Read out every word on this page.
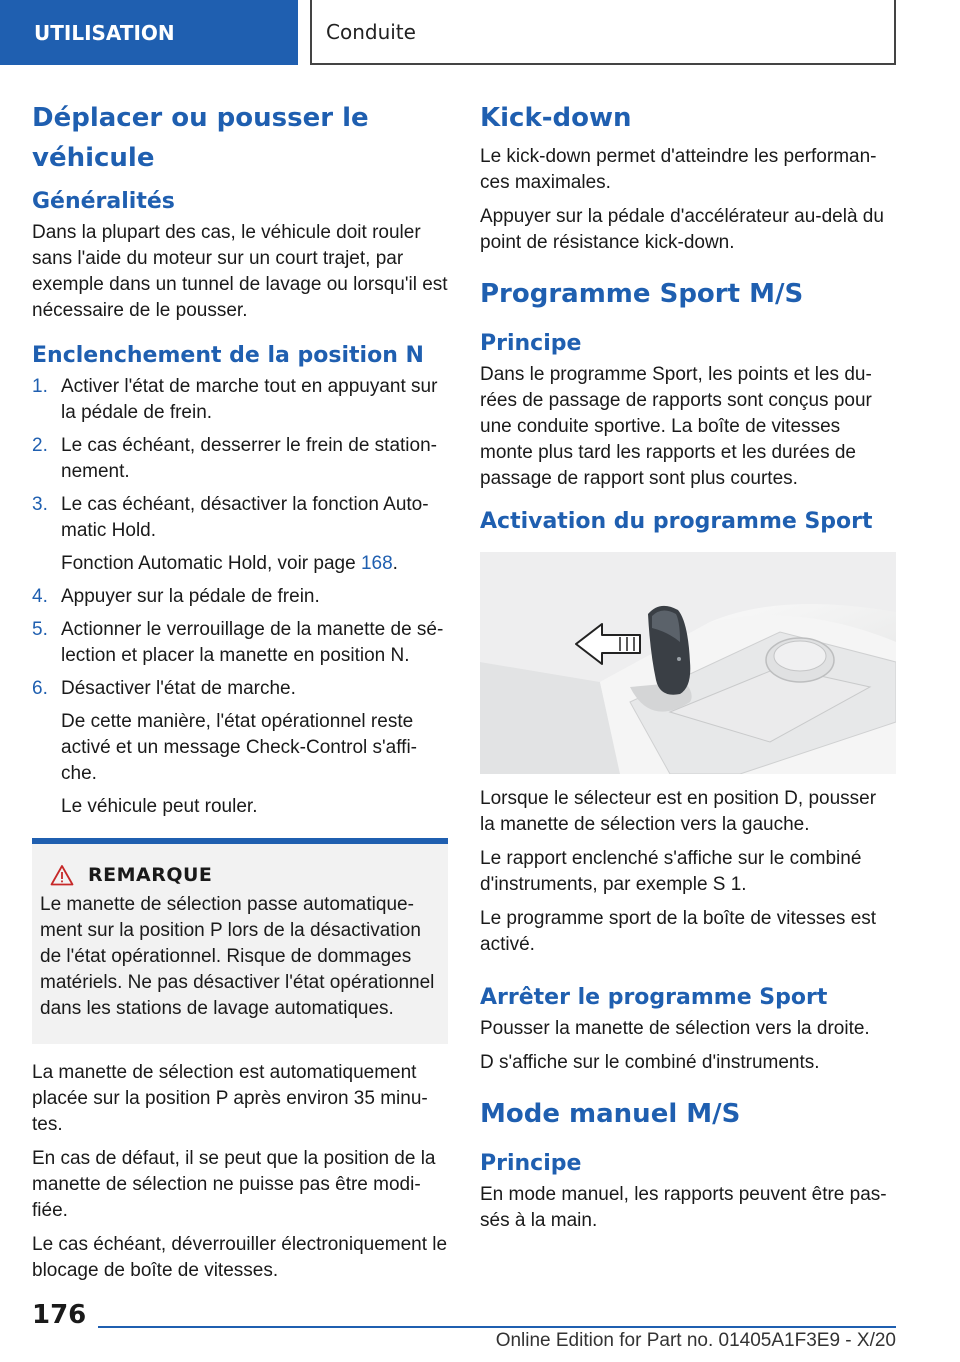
UTILISATION	Conduite
Déplacer ou pousser le véhicule
Généralités

Dans la plupart des cas, le véhicule doit rouler sans l'aide du moteur sur un court trajet, par exemple dans un tunnel de lavage ou lorsqu'il est nécessaire de le pousser.

Enclenchement de la position N
1. Activer l'état de marche tout en appuyant sur la pédale de frein.
2. Le cas échéant, desserrer le frein de station‐nement.
3. Le cas échéant, désactiver la fonction Auto‐matic Hold.
Fonction Automatic Hold, voir page 168.
4. Appuyer sur la pédale de frein.
5. Actionner le verrouillage de la manette de sé‐lection et placer la manette en position N.
6. Désactiver l'état de marche.
De cette manière, l'état opérationnel reste activé et un message Check-Control s'affi‐che.
Le véhicule peut rouler.
REMARQUE

Le manette de sélection passe automatique‐ment sur la position P lors de la désactivation de l'état opérationnel. Risque de dommages matériels. Ne pas désactiver l'état opérationnel dans les stations de lavage automatiques.

La manette de sélection est automatiquement placée sur la position P après environ 35 minu‐tes.

En cas de défaut, il se peut que la position de la manette de sélection ne puisse pas être modi‐fiée.

Le cas échéant, déverrouiller électroniquement le blocage de boîte de vitesses.

Kick-down

Le kick-down permet d'atteindre les performan‐ces maximales.

Appuyer sur la pédale d'accélérateur au-delà du point de résistance kick-down.

Programme Sport M/S
Principe

Dans le programme Sport, les points et les du‐rées de passage de rapports sont conçus pour une conduite sportive. La boîte de vitesses monte plus tard les rapports et les durées de passage de rapport sont plus courtes.

Activation du programme Sport

Lorsque le sélecteur est en position D, pousser la manette de sélection vers la gauche.

Le rapport enclenché s'affiche sur le combiné d'instruments, par exemple S 1.

Le programme sport de la boîte de vitesses est activé.

Arrêter le programme Sport

Pousser la manette de sélection vers la droite.

D s'affiche sur le combiné d'instruments.

Mode manuel M/S
Principe

En mode manuel, les rapports peuvent être pas‐sés à la main.

176
Online Edition for Part no. 01405A1F3E9 - X/20
